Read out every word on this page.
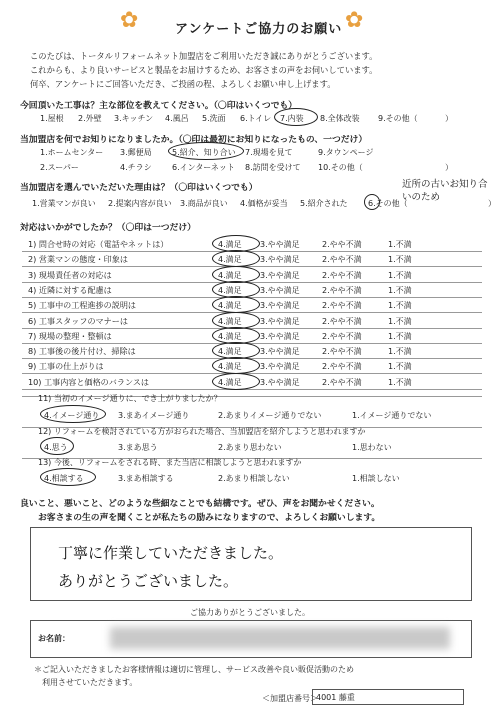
✿	✿
アンケートご協力のお願い
このたびは、トータルリフォームネット加盟店をご利用いただき誠にありがとうございます。
これからも、より良いサービスと製品をお届けするため、お客さまの声をお伺いしています。
何卒、アンケートにご回答いただき、ご投函の程、よろしくお願い申し上げます。
今回頂いた工事は？主な部位を教えてください。（〇印はいくつでも）
1.屋根 2.外壁 3.キッチン 4.風呂 5.洗面 6.トイレ 7.内装 8.全体改装 9.その他（	）
当加盟店を何でお知りになりましたか。（〇印は最初にお知りになったもの、一つだけ）
1.ホームセンター 3.郵便局	5.紹介、知り合い 7.現場を見て	9.タウンページ
2.スーパー	4.チラシ	6.インターネット 8.訪問を受けて 10.その他（	）
当加盟店を選んでいただいた理由は？（〇印はいくつでも）
1.営業マンが良い 2.提案内容が良い 3.商品が良い 4.価格が妥当 5.紹介された	6.その他（	）
近所の古いお知り合いのため
対応はいかがでしたか？（〇印は一つだけ）
1) 問合せ時の対応（電話やネットは）	4.満足 3.やや満足	2.やや不満	1.不満
2) 営業マンの態度・印象は	4.満足 3.やや満足	2.やや不満	1.不満
3) 現場責任者の対応は	4.満足 3.やや満足	2.やや不満	1.不満
4) 近隣に対する配慮は	4.満足 3.やや満足	2.やや不満	1.不満
5) 工事中の工程進捗の説明は	4.満足 3.やや満足	2.やや不満	1.不満
6) 工事スタッフのマナーは	4.満足 3.やや満足	2.やや不満	1.不満
7) 現場の整理・整頓は	4.満足 3.やや満足	2.やや不満	1.不満
8) 工事後の後片付け、掃除は	4.満足 3.やや満足	2.やや不満	1.不満
9) 工事の仕上がりは	4.満足 3.やや満足	2.やや不満	1.不満
10) 工事内容と価格のバランスは	4.満足 3.やや満足	2.やや不満	1.不満
11) 当初のイメージ通りに、でき上がりましたか？
4.イメージ通り 3.まあイメージ通り	2.あまりイメージ通りでない	1.イメージ通りでない
12) リフォームを検討されている方がおられた場合、当加盟店を紹介しようと思われますか
4.思う	3.まあ思う	2.あまり思わない	1.思わない
13) 今後、リフォームをされる時、また当店に相談しようと思われますか
4.相談する	3.まあ相談する	2.あまり相談しない	1.相談しない
良いこと、悪いこと、どのような些細なことでも結構です。ぜひ、声をお聞かせください。
お客さまの生の声を聞くことが私たちの励みになりますので、よろしくお願いします。
丁寧に作業していただきました。
ありがとうございました。
ご協力ありがとうございました。
お名前：
＊ご記入いただきましたお客様情報は適切に管理し、サービス改善や良い販促活動のため
利用させていただきます。
＜加盟店番号＞
4001 藤重
